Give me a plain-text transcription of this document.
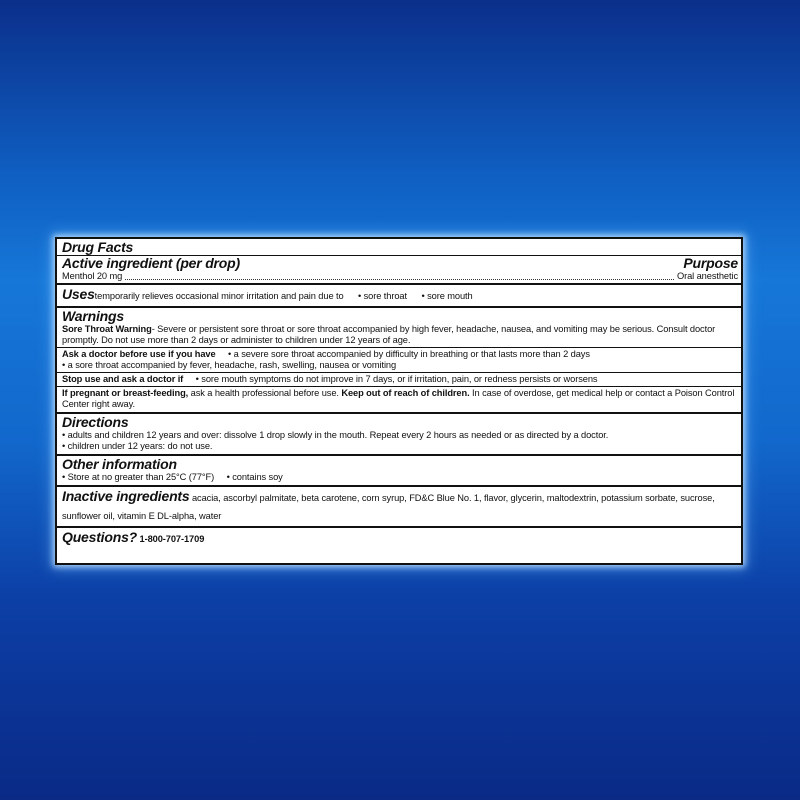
Drug Facts
Active ingredient (per drop)	Purpose
Menthol 20 mg	Oral anesthetic
Usestemporarily relieves occasional minor irritation and pain due to • sore throat • sore mouth
Warnings
Sore Throat Warning- Severe or persistent sore throat or sore throat accompanied by high fever, headache, nausea, and vomiting may be serious. Consult doctor promptly. Do not use more than 2 days or administer to children under 12 years of age.
Ask a doctor before use if you have • a severe sore throat accompanied by difficulty in breathing or that lasts more than 2 days
• a sore throat accompanied by fever, headache, rash, swelling, nausea or vomiting
Stop use and ask a doctor if • sore mouth symptoms do not improve in 7 days, or if irritation, pain, or redness persists or worsens
If pregnant or breast-feeding, ask a health professional before use. Keep out of reach of children. In case of overdose, get medical help or contact a Poison Control Center right away.
Directions
• adults and children 12 years and over: dissolve 1 drop slowly in the mouth. Repeat every 2 hours as needed or as directed by a doctor.
• children under 12 years: do not use.
Other information
• Store at no greater than 25°C (77°F) • contains soy
Inactive ingredients acacia, ascorbyl palmitate, beta carotene, corn syrup, FD&C Blue No. 1, flavor, glycerin, maltodextrin, potassium sorbate, sucrose, sunflower oil, vitamin E DL-alpha, water
Questions? 1-800-707-1709
